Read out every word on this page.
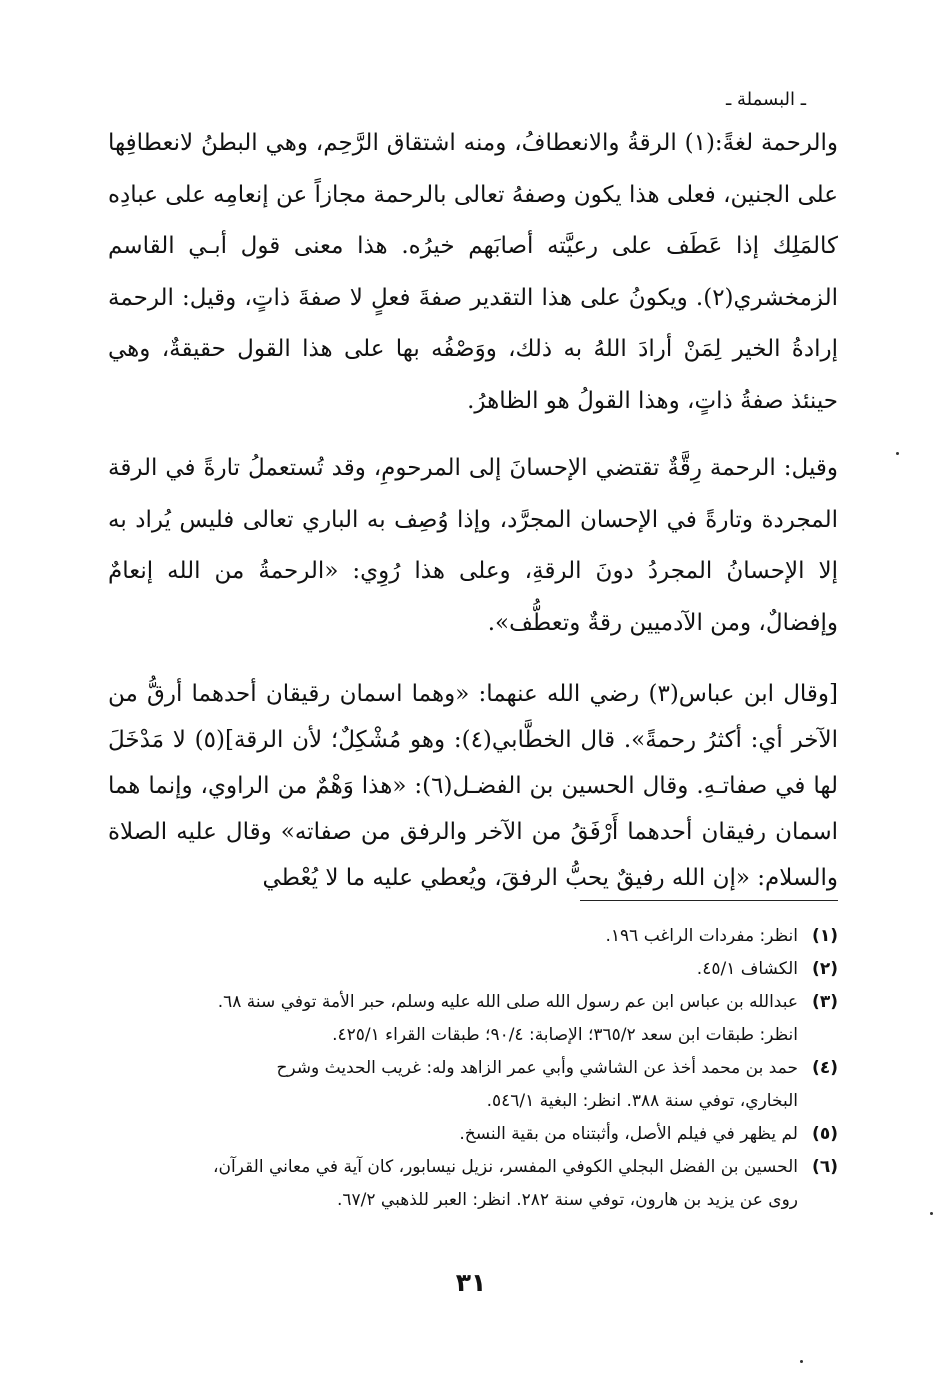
ـ البسملة ـ

والرحمة لغةً:(١) الرقةُ والانعطافُ، ومنه اشتقاق الرَّحِم، وهي البطنُ لانعطافِها على الجنين، فعلى هذا يكون وصفهُ تعالى بالرحمة مجازاً عن إنعامِه على عبادِه كالمَلِك إذا عَطَف على رعيَّته أصابَهم خيرُه. هذا معنى قول أبـي القاسم الزمخشري(٢). ويكونُ على هذا التقدير صفةَ فعلٍ لا صفةَ ذاتٍ، وقيل: الرحمة إرادةُ الخير لِمَنْ أرادَ اللهُ به ذلك، ووَصْفُه بها على هذا القول حقيقةٌ، وهي حينئذ صفةُ ذاتٍ، وهذا القولُ هو الظاهرُ.

وقيل: الرحمة رِقَّةٌ تقتضي الإحسانَ إلى المرحومِ، وقد تُستعملُ تارةً في الرقة المجردة وتارةً في الإحسان المجرَّد، وإذا وُصِف به الباري تعالى فليس يُراد به إلا الإحسانُ المجردُ دونَ الرقةِ، وعلى هذا رُوِي: «الرحمةُ من الله إنعامٌ وإفضالٌ، ومن الآدميين رقةٌ وتعطُّف».

[وقال ابن عباس(٣) رضي الله عنهما: «وهما اسمان رقيقان أحدهما أرقُّ من الآخر أي: أكثرُ رحمةً». قال الخطَّابي(٤): وهو مُشْكِلٌ؛ لأن الرقة](٥) لا مَدْخَلَ لها في صفاتـهِ. وقال الحسين بن الفضـل(٦): «هذا وَهْمٌ من الراوي، وإنما هما اسمان رفيقان أحدهما أَرْفَقُ من الآخر والرفق من صفاته» وقال عليه الصلاة والسلام: «إن الله رفيقٌ يحبُّ الرفقَ، ويُعطي عليه ما لا يُعْطي

(١)
انظر: مفردات الراغب ١٩٦.
(٢)
الكشاف ٤٥/١.
(٣)
عبدالله بن عباس ابن عم رسول الله صلى الله عليه وسلم، حبر الأمة توفي سنة ٦٨.
انظر: طبقات ابن سعد ٣٦٥/٢؛ الإصابة: ٩٠/٤؛ طبقات القراء ٤٢٥/١.
(٤)
حمد بن محمد أخذ عن الشاشي وأبي عمر الزاهد وله: غريب الحديث وشرح
البخاري، توفي سنة ٣٨٨. انظر: البغية ٥٤٦/١.
(٥)
لم يظهر في فيلم الأصل، وأثبتناه من بقية النسخ.
(٦)
الحسين بن الفضل البجلي الكوفي المفسر، نزيل نيسابور، كان آية في معاني القرآن،
روى عن يزيد بن هارون، توفي سنة ٢٨٢. انظر: العبر للذهبي ٦٧/٢.
٣١
